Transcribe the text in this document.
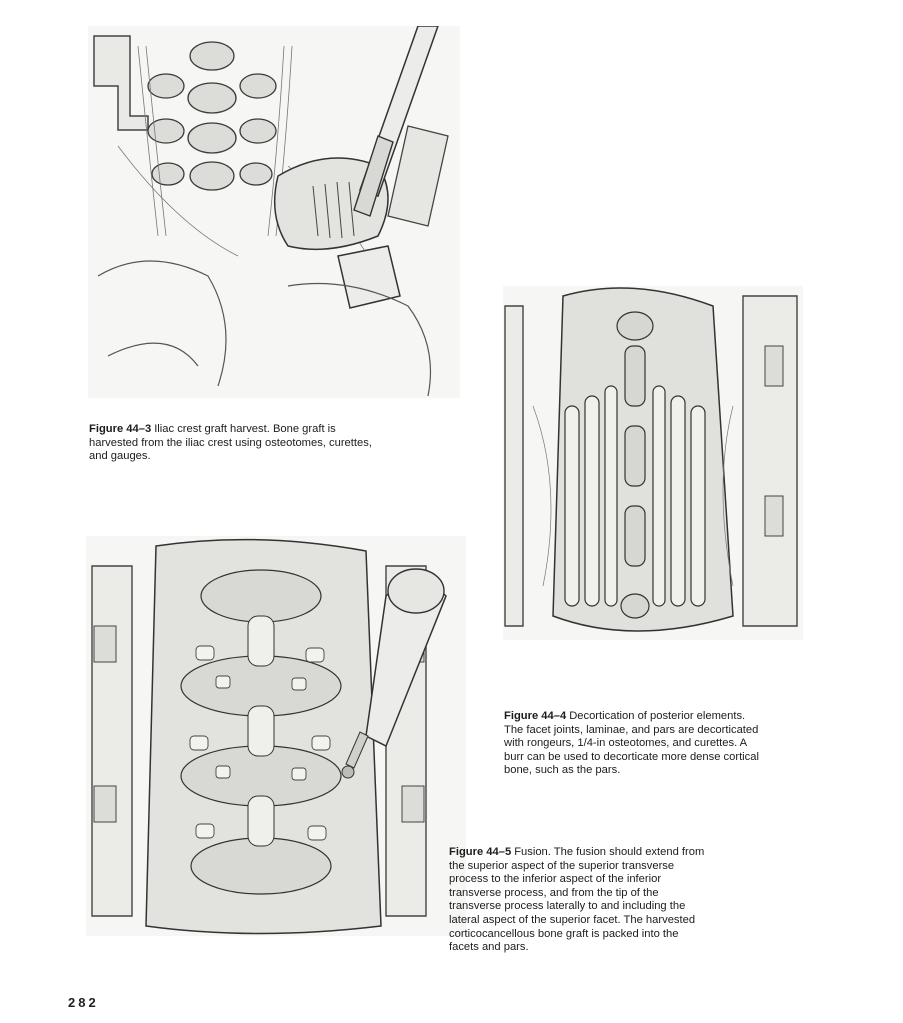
Figure 44–3 Iliac crest graft harvest. Bone graft is harvested from the iliac crest using osteotomes, curettes, and gauges.
Figure 44–4 Decortication of posterior elements. The facet joints, laminae, and pars are decorticated with rongeurs, 1/4-in osteotomes, and curettes. A burr can be used to decorticate more dense cortical bone, such as the pars.
Figure 44–5 Fusion. The fusion should extend from the superior aspect of the superior transverse process to the inferior aspect of the inferior transverse process, and from the tip of the transverse process laterally to and including the lateral aspect of the superior facet. The harvested corticocancellous bone graft is packed into the facets and pars.
282
